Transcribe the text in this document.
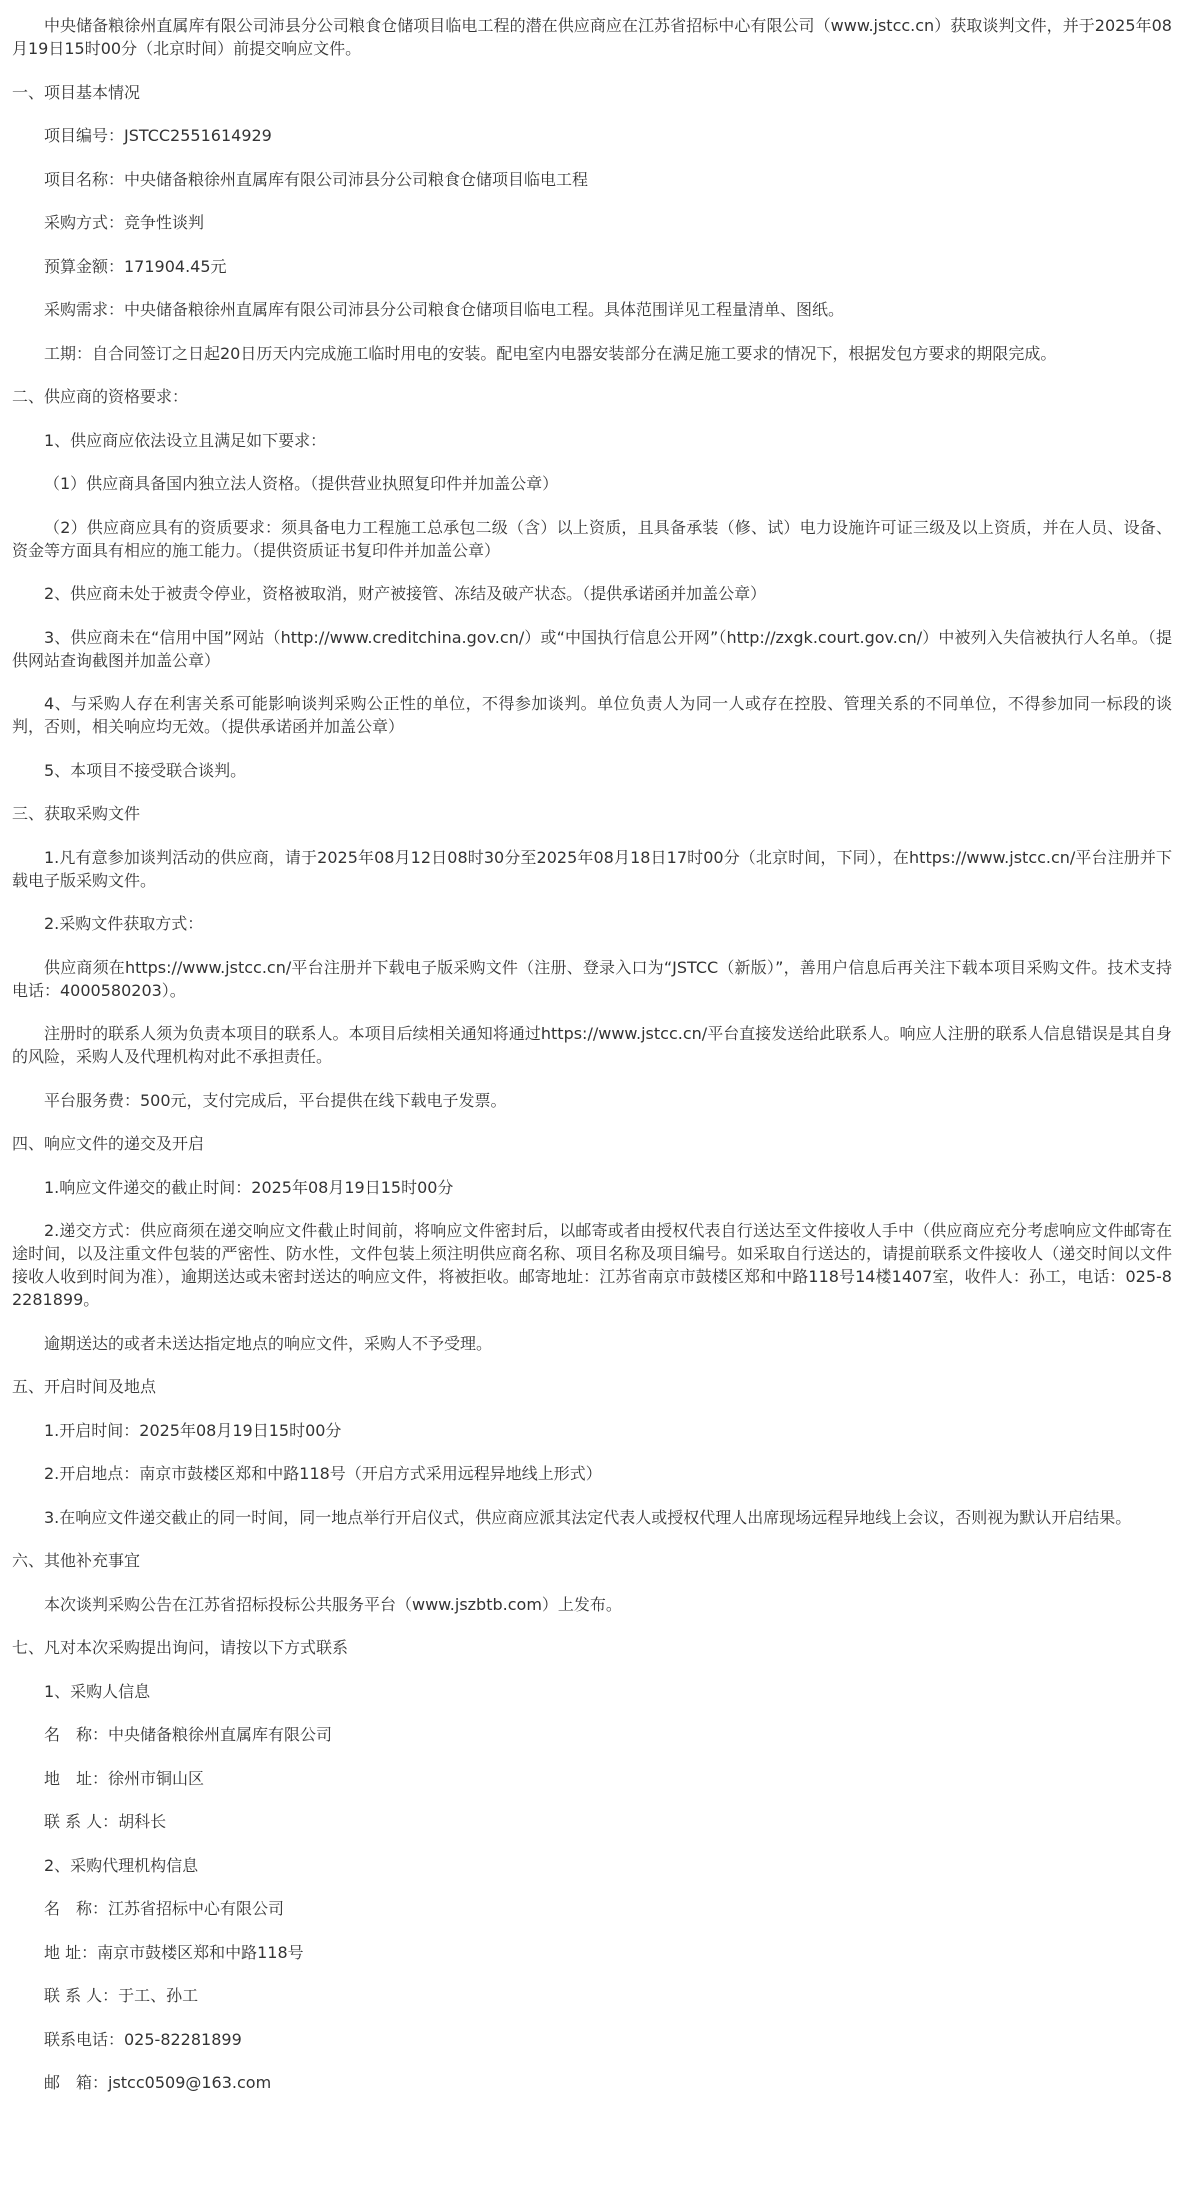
中央储备粮徐州直属库有限公司沛县分公司粮食仓储项目临电工程的潜在供应商应在江苏省招标中心有限公司（www.jstcc.cn）获取谈判文件，并于2025年08月19日15时00分（北京时间）前提交响应文件。

一、项目基本情况

项目编号：JSTCC2551614929

项目名称：中央储备粮徐州直属库有限公司沛县分公司粮食仓储项目临电工程

采购方式：竞争性谈判

预算金额：171904.45元

采购需求：中央储备粮徐州直属库有限公司沛县分公司粮食仓储项目临电工程。具体范围详见工程量清单、图纸。

工期：自合同签订之日起20日历天内完成施工临时用电的安装。配电室内电器安装部分在满足施工要求的情况下，根据发包方要求的期限完成。

二、供应商的资格要求：

1、供应商应依法设立且满足如下要求：

（1）供应商具备国内独立法人资格。（提供营业执照复印件并加盖公章）

（2）供应商应具有的资质要求：须具备电力工程施工总承包二级（含）以上资质，且具备承装（修、试）电力设施许可证三级及以上资质，并在人员、设备、资金等方面具有相应的施工能力。（提供资质证书复印件并加盖公章）

2、供应商未处于被责令停业，资格被取消，财产被接管、冻结及破产状态。（提供承诺函并加盖公章）

3、供应商未在“信用中国”网站（http://www.creditchina.gov.cn/）或“中国执行信息公开网”（http://zxgk.court.gov.cn/）中被列入失信被执行人名单。（提供网站查询截图并加盖公章）

4、与采购人存在利害关系可能影响谈判采购公正性的单位，不得参加谈判。单位负责人为同一人或存在控股、管理关系的不同单位，不得参加同一标段的谈判，否则，相关响应均无效。（提供承诺函并加盖公章）

5、本项目不接受联合谈判。

三、获取采购文件

1.凡有意参加谈判活动的供应商，请于2025年08月12日08时30分至2025年08月18日17时00分（北京时间，下同），在https://www.jstcc.cn/平台注册并下载电子版采购文件。

2.采购文件获取方式：

供应商须在https://www.jstcc.cn/平台注册并下载电子版采购文件（注册、登录入口为“JSTCC（新版）”，善用户信息后再关注下载本项目采购文件。技术支持电话：4000580203）。

注册时的联系人须为负责本项目的联系人。本项目后续相关通知将通过https://www.jstcc.cn/平台直接发送给此联系人。响应人注册的联系人信息错误是其自身的风险，采购人及代理机构对此不承担责任。

平台服务费：500元，支付完成后，平台提供在线下载电子发票。

四、响应文件的递交及开启

1.响应文件递交的截止时间：2025年08月19日15时00分

2.递交方式：供应商须在递交响应文件截止时间前，将响应文件密封后，以邮寄或者由授权代表自行送达至文件接收人手中（供应商应充分考虑响应文件邮寄在途时间，以及注重文件包装的严密性、防水性，文件包装上须注明供应商名称、项目名称及项目编号。如采取自行送达的，请提前联系文件接收人（递交时间以文件接收人收到时间为准），逾期送达或未密封送达的响应文件，将被拒收。邮寄地址：江苏省南京市鼓楼区郑和中路118号14楼1407室，收件人：孙工，电话：025-82281899。

逾期送达的或者未送达指定地点的响应文件，采购人不予受理。

五、开启时间及地点

1.开启时间：2025年08月19日15时00分

2.开启地点：南京市鼓楼区郑和中路118号（开启方式采用远程异地线上形式）

3.在响应文件递交截止的同一时间，同一地点举行开启仪式，供应商应派其法定代表人或授权代理人出席现场远程异地线上会议，否则视为默认开启结果。

六、其他补充事宜

本次谈判采购公告在江苏省招标投标公共服务平台（www.jszbtb.com）上发布。

七、凡对本次采购提出询问，请按以下方式联系

1、采购人信息

名　称：中央储备粮徐州直属库有限公司

地　址：徐州市铜山区

联 系 人：胡科长

2、采购代理机构信息

名　称：江苏省招标中心有限公司

地 址：南京市鼓楼区郑和中路118号

联 系 人：于工、孙工

联系电话：025-82281899

邮　箱：jstcc0509@163.com
